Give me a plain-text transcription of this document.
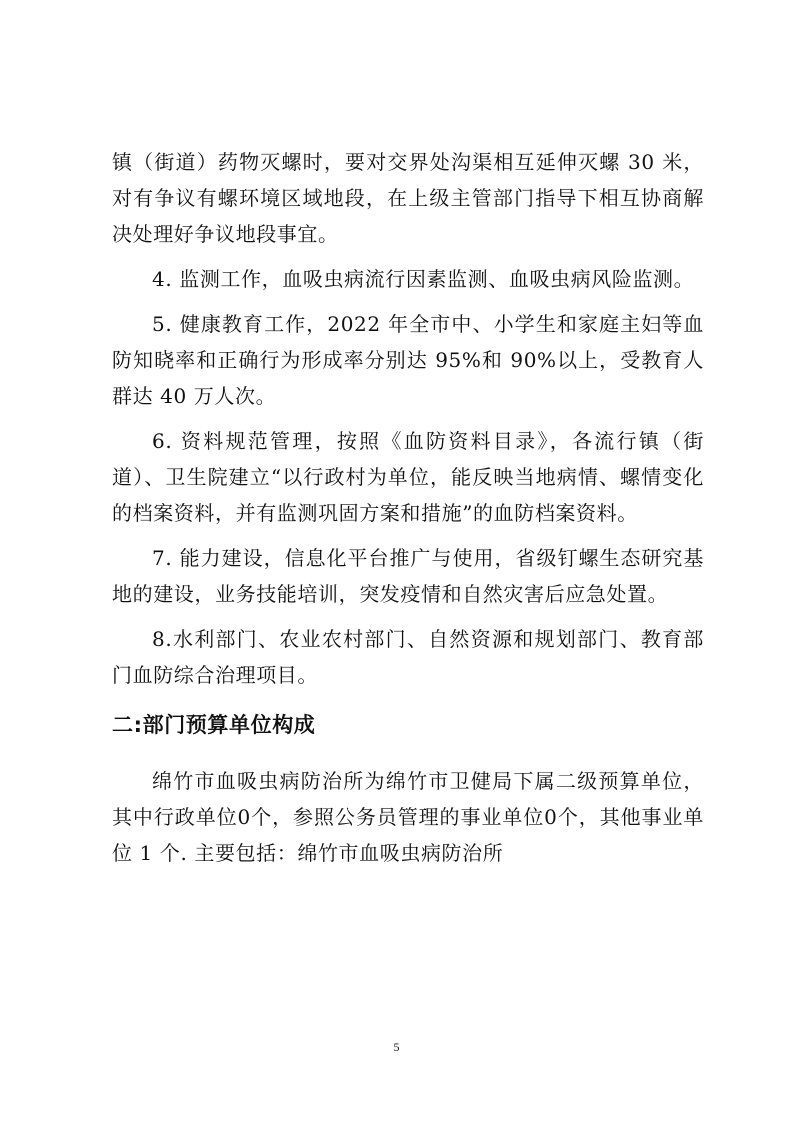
镇（街道）药物灭螺时，要对交界处沟渠相互延伸灭螺 30 米，对有争议有螺环境区域地段，在上级主管部门指导下相互协商解决处理好争议地段事宜。

4. 监测工作，血吸虫病流行因素监测、血吸虫病风险监测。

5. 健康教育工作，2022 年全市中、小学生和家庭主妇等血防知晓率和正确行为形成率分别达 95%和 90%以上，受教育人群达 40 万人次。

6. 资料规范管理，按照《血防资料目录》，各流行镇（街道）、卫生院建立“以行政村为单位，能反映当地病情、螺情变化的档案资料，并有监测巩固方案和措施”的血防档案资料。

7. 能力建设，信息化平台推广与使用，省级钉螺生态研究基地的建设，业务技能培训，突发疫情和自然灾害后应急处置。

8.水利部门、农业农村部门、自然资源和规划部门、教育部门血防综合治理项目。

二:部门预算单位构成

绵竹市血吸虫病防治所为绵竹市卫健局下属二级预算单位，其中行政单位0个，参照公务员管理的事业单位0个，其他事业单位 1 个. 主要包括：绵竹市血吸虫病防治所

5
